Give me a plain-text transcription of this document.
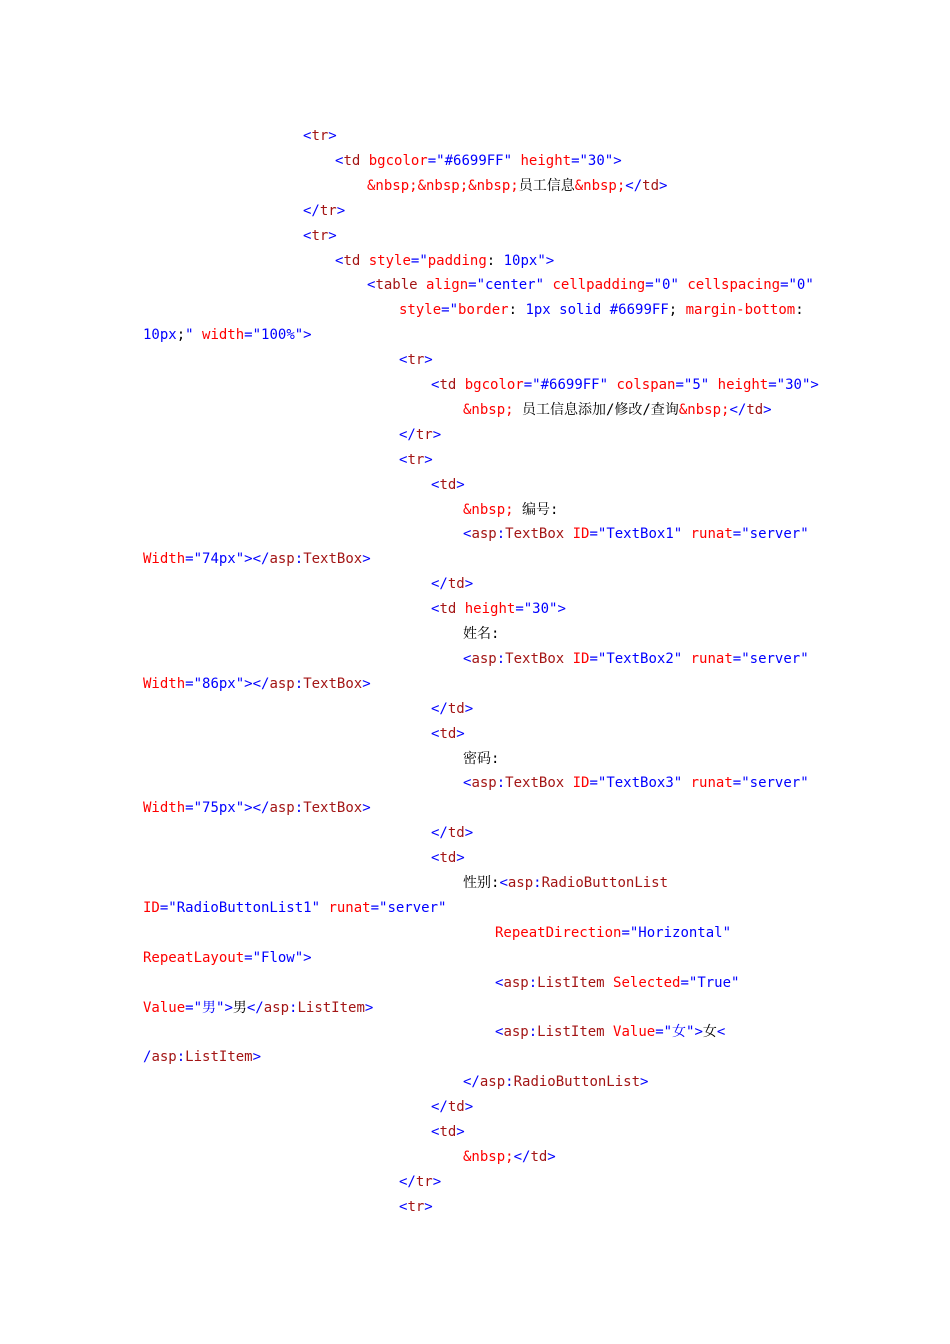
<tr>
<td bgcolor="#6699FF" height="30">
&nbsp;&nbsp;&nbsp;员工信息&nbsp;</td>
</tr>
<tr>
<td style="padding: 10px">
<table align="center" cellpadding="0" cellspacing="0"
style="border: 1px solid #6699FF; margin-bottom:
10px;" width="100%">
<tr>
<td bgcolor="#6699FF" colspan="5" height="30">
&nbsp; 员工信息添加/修改/查询&nbsp;</td>
</tr>
<tr>
<td>
&nbsp; 编号:
<asp:TextBox ID="TextBox1" runat="server"
Width="74px"></asp:TextBox>
</td>
<td height="30">
姓名:
<asp:TextBox ID="TextBox2" runat="server"
Width="86px"></asp:TextBox>
</td>
<td>
密码:
<asp:TextBox ID="TextBox3" runat="server"
Width="75px"></asp:TextBox>
</td>
<td>
性别:<asp:RadioButtonList
ID="RadioButtonList1" runat="server"
RepeatDirection="Horizontal"
RepeatLayout="Flow">
<asp:ListItem Selected="True"
Value="男">男</asp:ListItem>
<asp:ListItem Value="女">女<
/asp:ListItem>
</asp:RadioButtonList>
</td>
<td>
&nbsp;</td>
</tr>
<tr>
